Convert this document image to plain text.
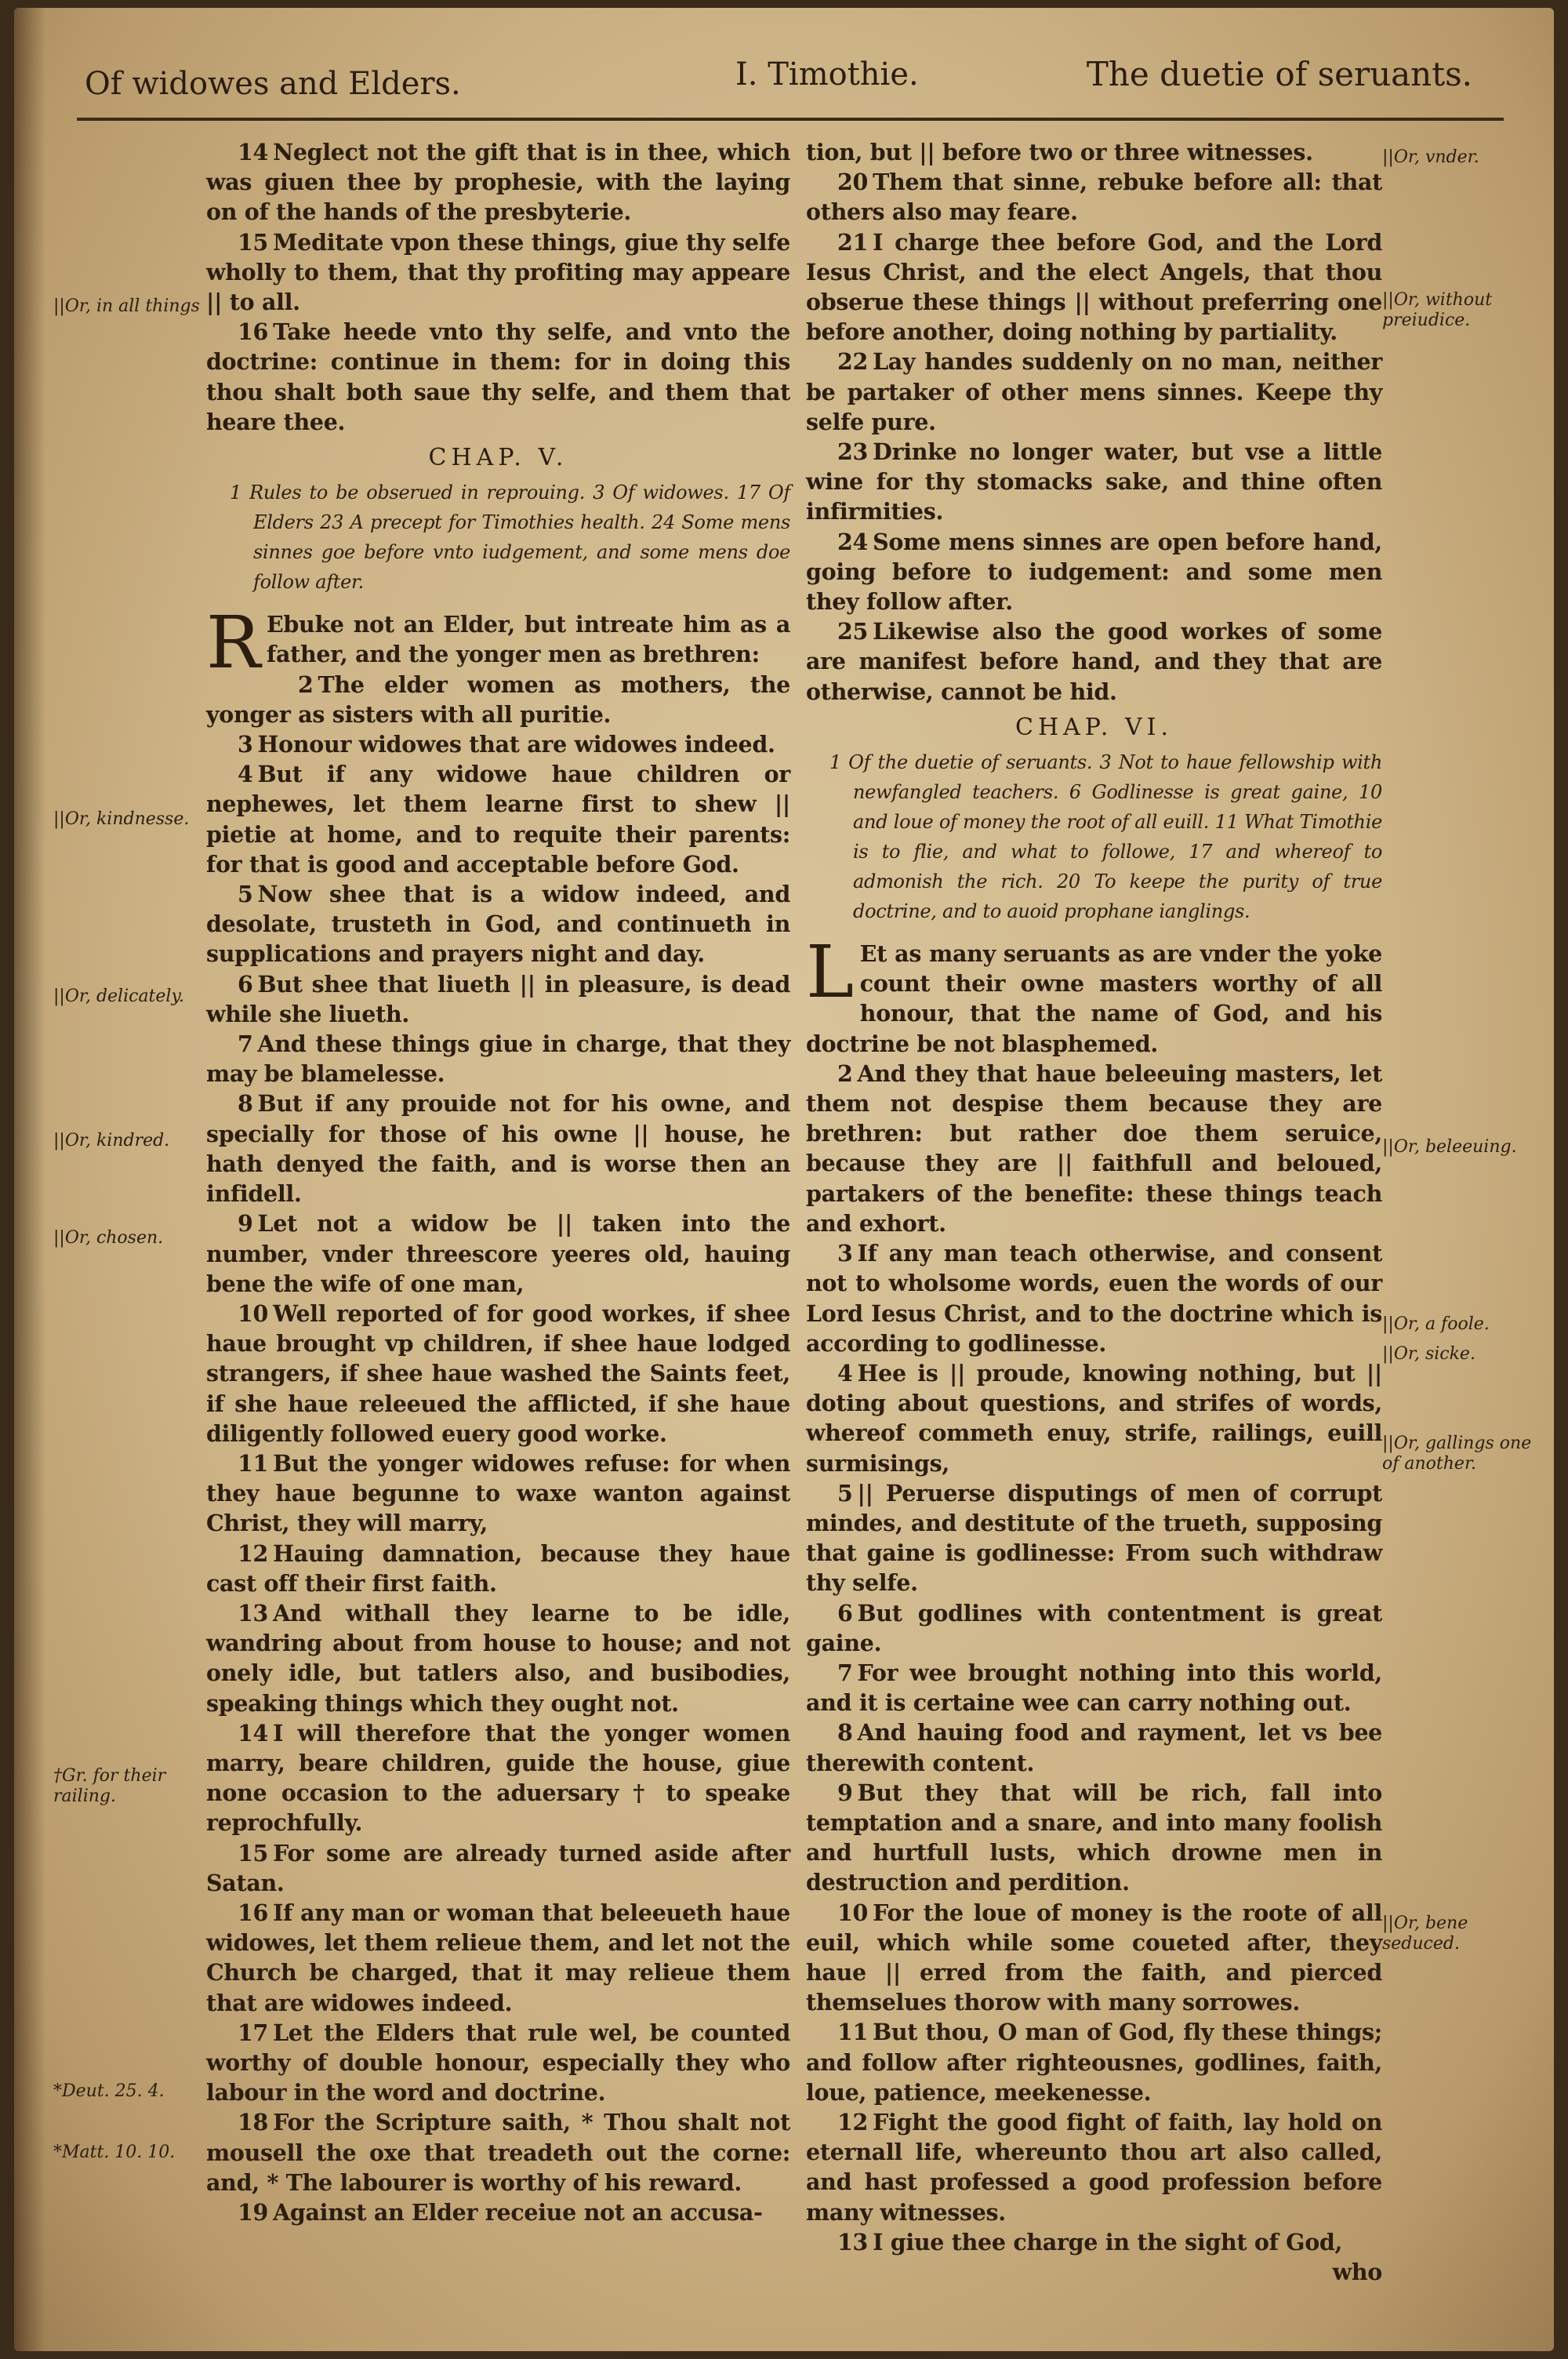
Of widowes and Elders.	I. Timothie.	The duetie of seruants.

14 Neglect not the gift that is in thee, which was giuen thee by prophesie, with the laying on of the hands of the presbyterie.

15 Meditate vpon these things, giue thy selfe wholly to them, that thy profiting may appeare || to all.

16 Take heede vnto thy selfe, and vnto the doctrine: continue in them: for in doing this thou shalt both saue thy selfe, and them that heare thee.

CHAP. V.

1 Rules to be obserued in reprouing. 3 Of widowes. 17 Of Elders 23 A precept for Timothies health. 24 Some mens sinnes goe before vnto iudgement, and some mens doe follow after.

R Ebuke not an Elder, but intreate him as a father, and the yonger men as brethren:

2 The elder women as mothers, the yonger as sisters with all puritie.

3 Honour widowes that are widowes indeed.

4 But if any widowe haue children or nephewes, let them learne first to shew || pietie at home, and to requite their parents: for that is good and acceptable before God.

5 Now shee that is a widow indeed, and desolate, trusteth in God, and continueth in supplications and prayers night and day.

6 But shee that liueth || in pleasure, is dead while she liueth.

7 And these things giue in charge, that they may be blamelesse.

8 But if any prouide not for his owne, and specially for those of his owne || house, he hath denyed the faith, and is worse then an infidell.

9 Let not a widow be || taken into the number, vnder threescore yeeres old, hauing bene the wife of one man,

10 Well reported of for good workes, if shee haue brought vp children, if shee haue lodged strangers, if shee haue washed the Saints feet, if she haue releeued the afflicted, if she haue diligently followed euery good worke.

11 But the yonger widowes refuse: for when they haue begunne to waxe wanton against Christ, they will marry,

12 Hauing damnation, because they haue cast off their first faith.

13 And withall they learne to be idle, wandring about from house to house; and not onely idle, but tatlers also, and busibodies, speaking things which they ought not.

14 I will therefore that the yonger women marry, beare children, guide the house, giue none occasion to the aduersary † to speake reprochfully.

15 For some are already turned aside after Satan.

16 If any man or woman that beleeueth haue widowes, let them relieue them, and let not the Church be charged, that it may relieue them that are widowes indeed.

17 Let the Elders that rule wel, be counted worthy of double honour, especially they who labour in the word and doctrine.

18 For the Scripture saith, * Thou shalt not mousell the oxe that treadeth out the corne: and, * The labourer is worthy of his reward.

19 Against an Elder receiue not an accusa-

tion, but || before two or three witnesses.

20 Them that sinne, rebuke before all: that others also may feare.

21 I charge thee before God, and the Lord Iesus Christ, and the elect Angels, that thou obserue these things || without preferring one before another, doing nothing by partiality.

22 Lay handes suddenly on no man, neither be partaker of other mens sinnes. Keepe thy selfe pure.

23 Drinke no longer water, but vse a little wine for thy stomacks sake, and thine often infirmities.

24 Some mens sinnes are open before hand, going before to iudgement: and some men they follow after.

25 Likewise also the good workes of some are manifest before hand, and they that are otherwise, cannot be hid.

CHAP. VI.

1 Of the duetie of seruants. 3 Not to haue fellowship with newfangled teachers. 6 Godlinesse is great gaine, 10 and loue of money the root of all euill. 11 What Timothie is to flie, and what to followe, 17 and whereof to admonish the rich. 20 To keepe the purity of true doctrine, and to auoid prophane ianglings.

L Et as many seruants as are vnder the yoke count their owne masters worthy of all honour, that the name of God, and his doctrine be not blasphemed.

2 And they that haue beleeuing masters, let them not despise them because they are brethren: but rather doe them seruice, because they are || faithfull and beloued, partakers of the benefite: these things teach and exhort.

3 If any man teach otherwise, and consent not to wholsome words, euen the words of our Lord Iesus Christ, and to the doctrine which is according to godlinesse.

4 Hee is || proude, knowing nothing, but || doting about questions, and strifes of words, whereof commeth enuy, strife, railings, euill surmisings,

5 || Peruerse disputings of men of corrupt mindes, and destitute of the trueth, supposing that gaine is godlinesse: From such withdraw thy selfe.

6 But godlines with contentment is great gaine.

7 For wee brought nothing into this world, and it is certaine wee can carry nothing out.

8 And hauing food and rayment, let vs bee therewith content.

9 But they that will be rich, fall into temptation and a snare, and into many foolish and hurtfull lusts, which drowne men in destruction and perdition.

10 For the loue of money is the roote of all euil, which while some coueted after, they haue || erred from the faith, and pierced themselues thorow with many sorrowes.

11 But thou, O man of God, fly these things; and follow after righteousnes, godlines, faith, loue, patience, meekenesse.

12 Fight the good fight of faith, lay hold on eternall life, whereunto thou art also called, and hast professed a good profession before many witnesses.

13 I giue thee charge in the sight of God,

who

||Or, in all things
||Or, kindnesse.
||Or, delicately.
||Or, kindred.
||Or, chosen.
†Gr. for their railing.
*Deut. 25. 4.
*Matt. 10. 10.
||Or, vnder.
||Or, without preiudice.
||Or, beleeuing.
||Or, a foole.
||Or, sicke.
||Or, gallings one of another.
||Or, bene seduced.
